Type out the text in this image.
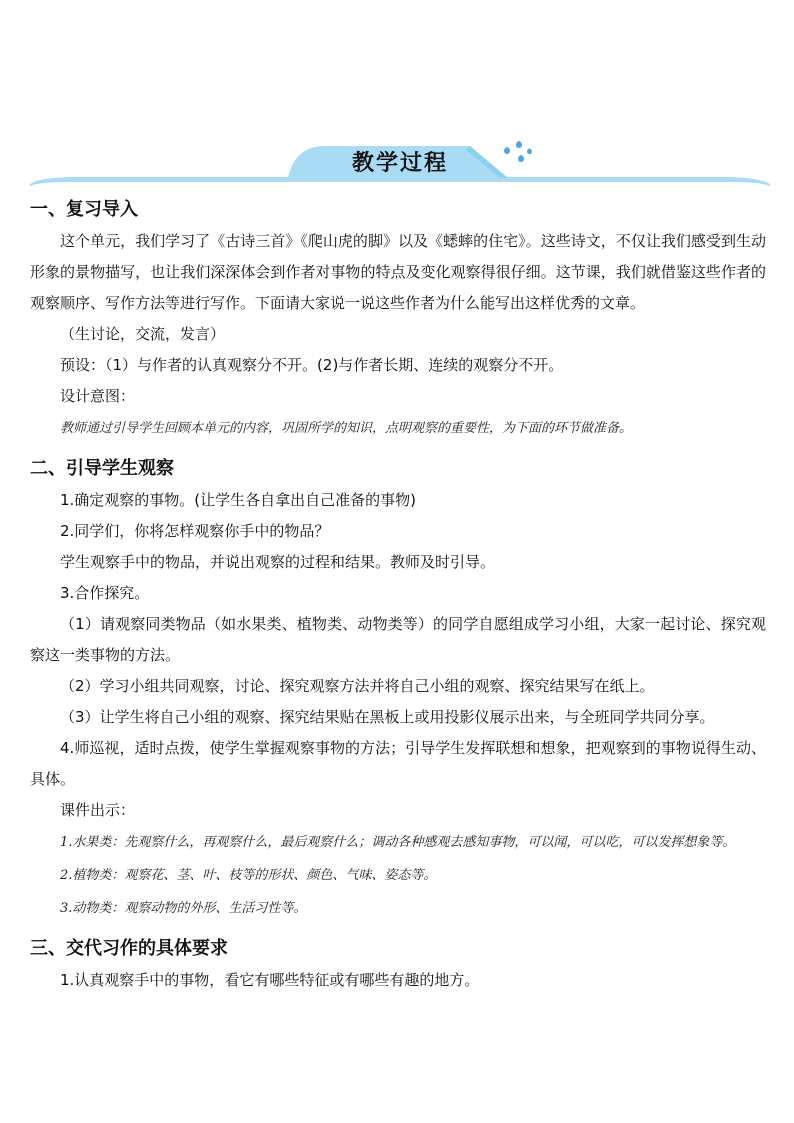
教学过程
一、复习导入

这个单元，我们学习了《古诗三首》《爬山虎的脚》以及《蟋蟀的住宅》。这些诗文，不仅让我们感受到生动形象的景物描写，也让我们深深体会到作者对事物的特点及变化观察得很仔细。这节课，我们就借鉴这些作者的观察顺序、写作方法等进行写作。下面请大家说一说这些作者为什么能写出这样优秀的文章。

（生讨论，交流，发言）

预设：（1）与作者的认真观察分不开。(2)与作者长期、连续的观察分不开。

设计意图：

教师通过引导学生回顾本单元的内容，巩固所学的知识，点明观察的重要性，为下面的环节做准备。

二、引导学生观察

1.确定观察的事物。(让学生各自拿出自己准备的事物)

2.同学们，你将怎样观察你手中的物品？

学生观察手中的物品，并说出观察的过程和结果。教师及时引导。

3.合作探究。

（1）请观察同类物品（如水果类、植物类、动物类等）的同学自愿组成学习小组，大家一起讨论、探究观察这一类事物的方法。

（2）学习小组共同观察，讨论、探究观察方法并将自己小组的观察、探究结果写在纸上。

（3）让学生将自己小组的观察、探究结果贴在黑板上或用投影仪展示出来，与全班同学共同分享。

4.师巡视，适时点拨，使学生掌握观察事物的方法；引导学生发挥联想和想象，把观察到的事物说得生动、具体。

课件出示：

1.水果类：先观察什么，再观察什么，最后观察什么；调动各种感观去感知事物，可以闻，可以吃，可以发挥想象等。

2.植物类：观察花、茎、叶、枝等的形状、颜色、气味、姿态等。

3.动物类：观察动物的外形、生活习性等。

三、交代习作的具体要求

1.认真观察手中的事物，看它有哪些特征或有哪些有趣的地方。
